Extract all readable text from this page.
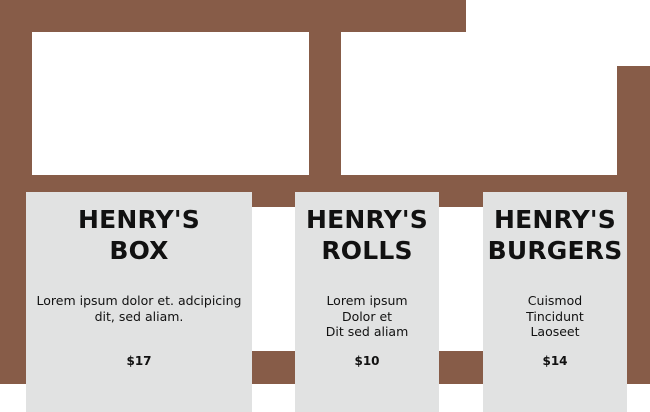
HENRY'S
BOX
Lorem ipsum dolor et. adcipicing
dit, sed aliam.
$17
HENRY'S
ROLLS
Lorem ipsum
Dolor et
Dit sed aliam
$10
HENRY'S
BURGERS
Cuismod
Tincidunt
Laoseet
$14
